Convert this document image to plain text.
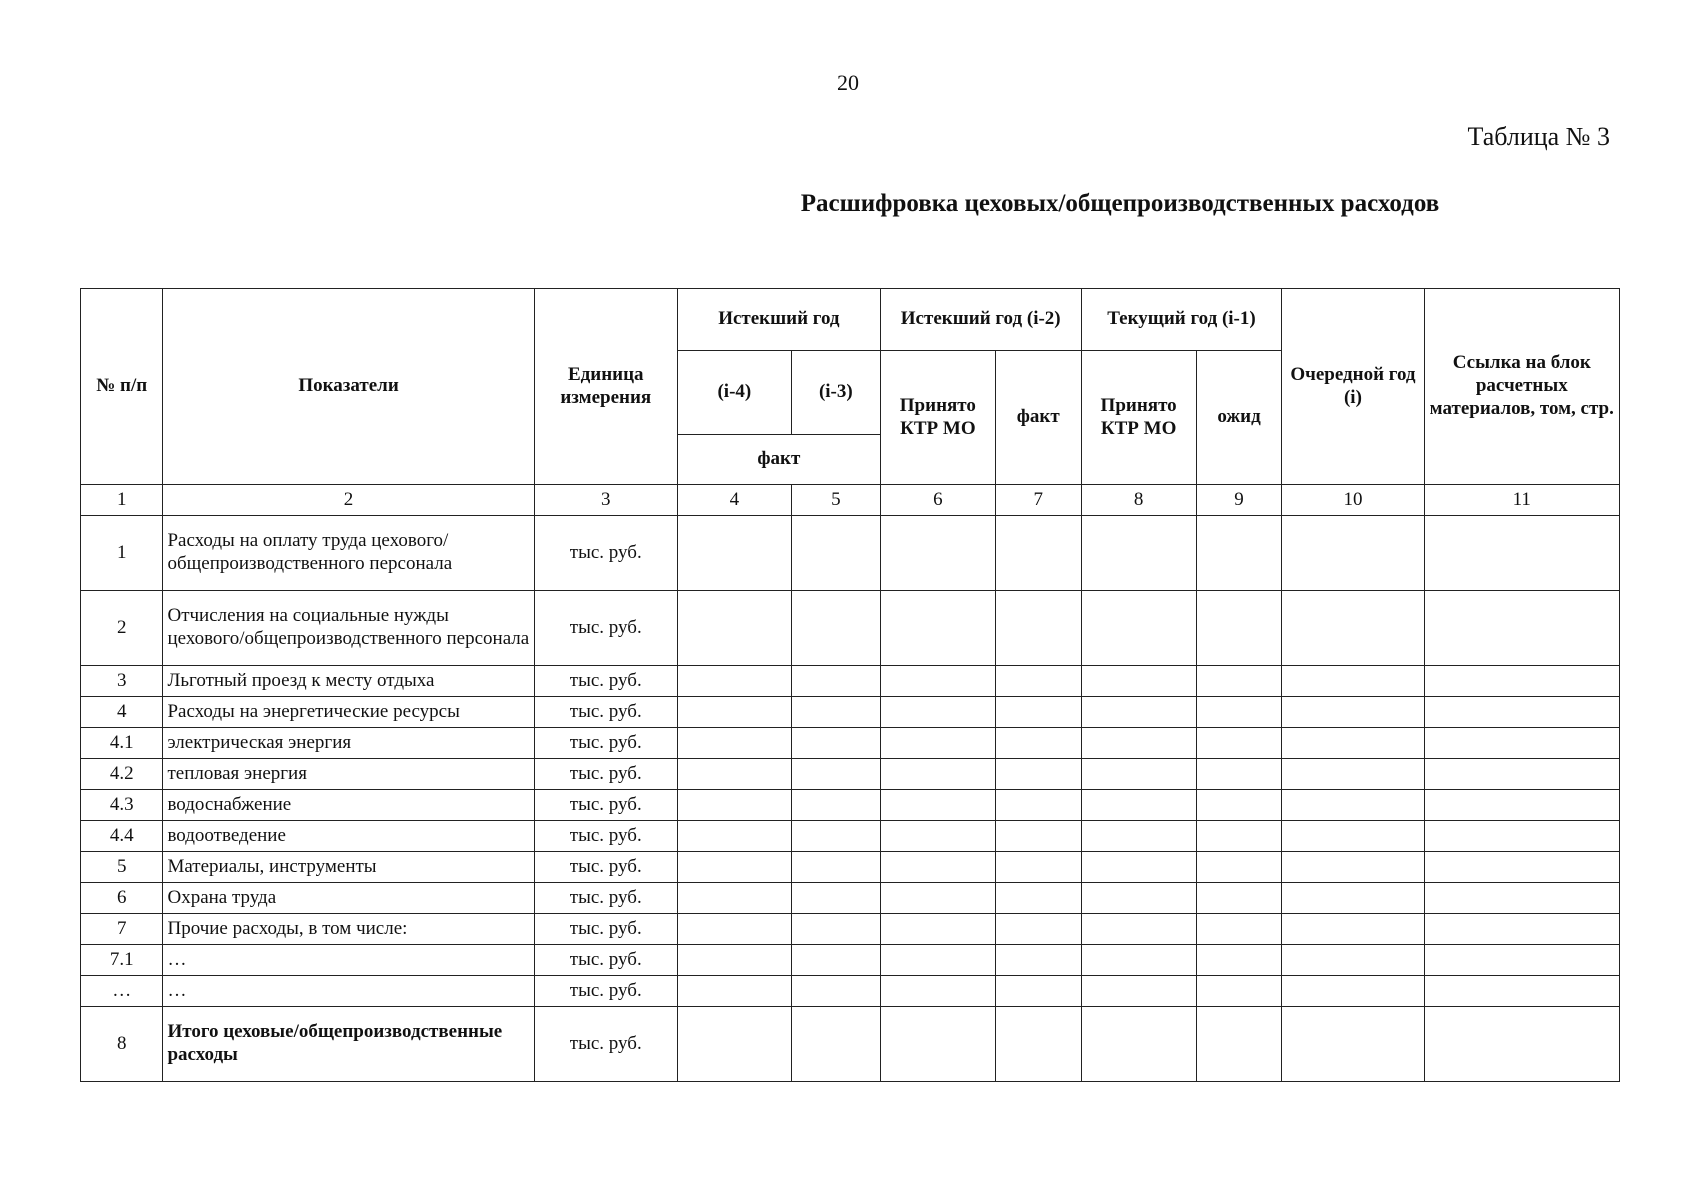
20
Таблица № 3
Расшифровка цеховых/общепроизводственных расходов
№ п/п	Показатели	Единица измерения	Истекший год		Истекший год (i-2)		Текущий год (i-1)		Очередной год (i)	Ссылка на блок расчетных материалов, том, стр.
			(i-4)	(i-3)	Принято КТР МО	факт	Принято КТР МО	ожид		
			факт							
1	2	3	4	5	6	7	8	9	10	11
1	Расходы на оплату труда цехового/общепроизводственного персонала	тыс. руб.								
2	Отчисления на социальные нужды цехового/общепроизводственного персонала	тыс. руб.								
3	Льготный проезд к месту отдыха	тыс. руб.								
4	Расходы на энергетические ресурсы	тыс. руб.								
4.1	электрическая энергия	тыс. руб.								
4.2	тепловая энергия	тыс. руб.								
4.3	водоснабжение	тыс. руб.								
4.4	водоотведение	тыс. руб.								
5	Материалы, инструменты	тыс. руб.								
6	Охрана труда	тыс. руб.								
7	Прочие расходы, в том числе:	тыс. руб.								
7.1	…	тыс. руб.								
…	…	тыс. руб.								
8	Итого цеховые/общепроизводственные расходы	тыс. руб.								
